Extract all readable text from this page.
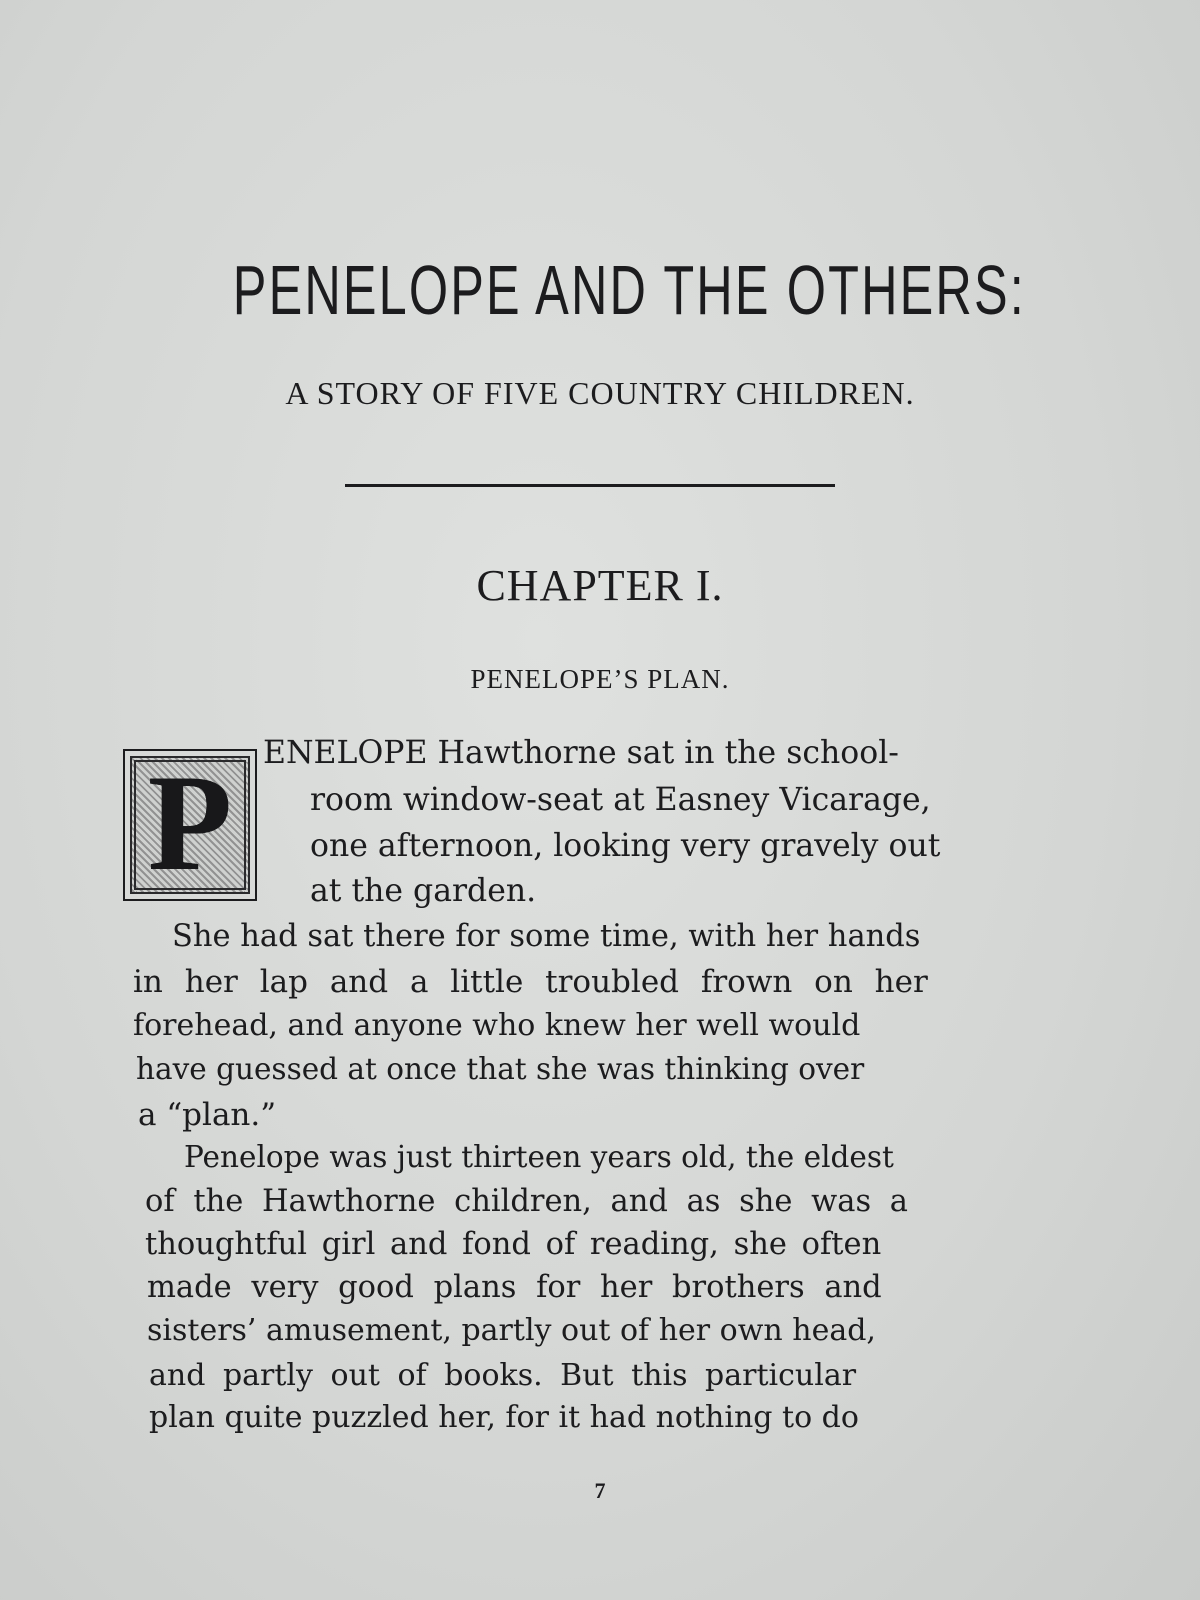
PENELOPE AND THE OTHERS:
A STORY OF FIVE COUNTRY CHILDREN.
CHAPTER I.
PENELOPE’S PLAN.
P ENELOPE Hawthorne sat in the school-
room window-seat at Easney Vicarage,
one afternoon, looking very gravely out
at the garden.
She had sat there for some time, with her hands
in her lap and a little troubled frown on her
forehead, and anyone who knew her well would
have guessed at once that she was thinking over
a “plan.”
Penelope was just thirteen years old, the eldest
of the Hawthorne children, and as she was a
thoughtful girl and fond of reading, she often
made very good plans for her brothers and
sisters’ amusement, partly out of her own head,
and partly out of books. But this particular
plan quite puzzled her, for it had nothing to do
7
